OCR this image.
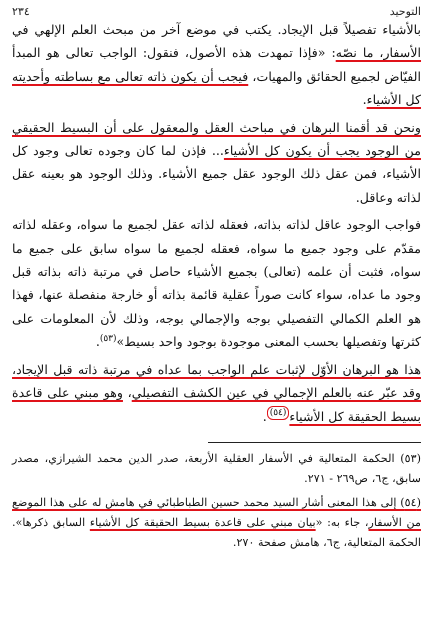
التوحيد
٢٣٤

بالأشياء تفصيلاً قبل الإيجاد. يكتب في موضع آخر من مبحث العلم الإلهي في الأسفار، ما نصّه: «فإذا تمهدت هذه الأصول، فنقول: الواجب تعالى هو المبدأ الفيّاض لجميع الحقائق والمهيات، فيجب أن يكون ذاته تعالى مع بساطته وأحديته كل الأشياء.

ونحن قد أقمنا البرهان في مباحث العقل والمعقول على أن البسيط الحقيقي من الوجود يجب أن يكون كل الأشياء... فإذن لما كان وجوده تعالى وجود كل الأشياء، فمن عقل ذلك الوجود عقل جميع الأشياء. وذلك الوجود هو بعينه عقل لذاته وعاقل.

فواجب الوجود عاقل لذاته بذاته، فعقله لذاته عقل لجميع ما سواه، وعقله لذاته مقدّم على وجود جميع ما سواه، فعقله لجميع ما سواه سابق على جميع ما سواه، فثبت أن علمه (تعالى) بجميع الأشياء حاصل في مرتبة ذاته بذاته قبل وجود ما عداه، سواء كانت صوراً عقلية قائمة بذاته أو خارجة منفصلة عنها، فهذا هو العلم الكمالي التفصيلي بوجه والإجمالي بوجه، وذلك لأن المعلومات على كثرتها وتفصيلها بحسب المعنى موجودة بوجود واحد بسيط»$^{(٥٣)}$.

هذا هو البرهان الأوّل لإثبات علم الواجب بما عداه في مرتبة ذاته قبل الإيجاد، وقد عبّر عنه بالعلم الإجمالي في عين الكشف التفصيلي، وهو مبني على قاعدة بسيط الحقيقة كل الأشياء(٥٤).

(٥٣) الحكمة المتعالية في الأسفار العقلية الأربعة، صدر الدين محمد الشيرازي، مصدر سابق، ج٦، ص٢٦٩ - ٢٧١.

(٥٤) إلى هذا المعنى أشار السيد محمد حسين الطباطبائي في هامش له على هذا الموضع من الأسفار، جاء به: «بيان مبني على قاعدة بسيط الحقيقة كل الأشياء السابق ذكرها». الحكمة المتعالية، ج٦، هامش صفحة ٢٧٠.
